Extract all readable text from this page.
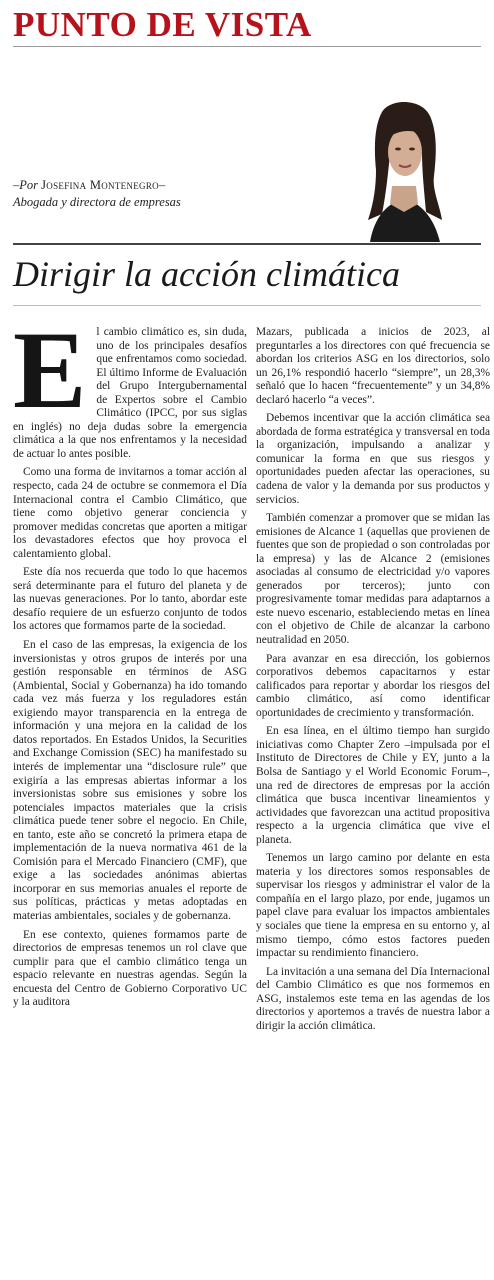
PUNTO DE VISTA
–Por Josefina Montenegro–
Abogada y directora de empresas
Dirigir la acción climática
E l cambio climático es, sin duda, uno de los principales desafíos que enfrentamos como sociedad. El último Informe de Evaluación del Grupo Intergubernamental de Expertos sobre el Cambio Climático (IPCC, por sus siglas en inglés) no deja dudas sobre la emergencia climática a la que nos enfrentamos y la necesidad de actuar lo antes posible.

Como una forma de invitarnos a tomar acción al respecto, cada 24 de octubre se conmemora el Día Internacional contra el Cambio Climático, que tiene como objetivo generar conciencia y promover medidas concretas que aporten a mitigar los devastadores efectos que hoy provoca el calentamiento global.

Este día nos recuerda que todo lo que hacemos será determinante para el futuro del planeta y de las nuevas generaciones. Por lo tanto, abordar este desafío requiere de un esfuerzo conjunto de todos los actores que formamos parte de la sociedad.

En el caso de las empresas, la exigencia de los inversionistas y otros grupos de interés por una gestión responsable en términos de ASG (Ambiental, Social y Gobernanza) ha ido tomando cada vez más fuerza y los reguladores están exigiendo mayor transparencia en la entrega de información y una mejora en la calidad de los datos reportados. En Estados Unidos, la Securities and Exchange Comission (SEC) ha manifestado su interés de implementar una “disclosure rule” que exigiría a las empresas abiertas informar a los inversionistas sobre sus emisiones y sobre los potenciales impactos materiales que la crisis climática puede tener sobre el negocio. En Chile, en tanto, este año se concretó la primera etapa de implementación de la nueva normativa 461 de la Comisión para el Mercado Financiero (CMF), que exige a las sociedades anónimas abiertas incorporar en sus memorias anuales el reporte de sus políticas, prácticas y metas adoptadas en materias ambientales, sociales y de gobernanza.

En ese contexto, quienes formamos parte de directorios de empresas tenemos un rol clave que cumplir para que el cambio climático tenga un espacio relevante en nuestras agendas. Según la encuesta del Centro de Gobierno Corporativo UC y la auditora

Mazars, publicada a inicios de 2023, al preguntarles a los directores con qué frecuencia se abordan los criterios ASG en los directorios, solo un 26,1% respondió hacerlo “siempre”, un 28,3% señaló que lo hacen “frecuentemente” y un 34,8% declaró hacerlo “a veces”.

Debemos incentivar que la acción climática sea abordada de forma estratégica y transversal en toda la organización, impulsando a analizar y comunicar la forma en que sus riesgos y oportunidades pueden afectar las operaciones, su cadena de valor y la demanda por sus productos y servicios.

También comenzar a promover que se midan las emisiones de Alcance 1 (aquellas que provienen de fuentes que son de propiedad o son controladas por la empresa) y las de Alcance 2 (emisiones asociadas al consumo de electricidad y/o vapores generados por terceros); junto con progresivamente tomar medidas para adaptarnos a este nuevo escenario, estableciendo metas en línea con el objetivo de Chile de alcanzar la carbono neutralidad en 2050.

Para avanzar en esa dirección, los gobiernos corporativos debemos capacitarnos y estar calificados para reportar y abordar los riesgos del cambio climático, así como identificar oportunidades de crecimiento y transformación.

En esa línea, en el último tiempo han surgido iniciativas como Chapter Zero –impulsada por el Instituto de Directores de Chile y EY, junto a la Bolsa de Santiago y el World Economic Forum–, una red de directores de empresas por la acción climática que busca incentivar lineamientos y actividades que favorezcan una actitud propositiva respecto a la urgencia climática que vive el planeta.

Tenemos un largo camino por delante en esta materia y los directores somos responsables de supervisar los riesgos y administrar el valor de la compañía en el largo plazo, por ende, jugamos un papel clave para evaluar los impactos ambientales y sociales que tiene la empresa en su entorno y, al mismo tiempo, cómo estos factores pueden impactar su rendimiento financiero.

La invitación a una semana del Día Internacional del Cambio Climático es que nos formemos en ASG, instalemos este tema en las agendas de los directorios y aportemos a través de nuestra labor a dirigir la acción climática.
